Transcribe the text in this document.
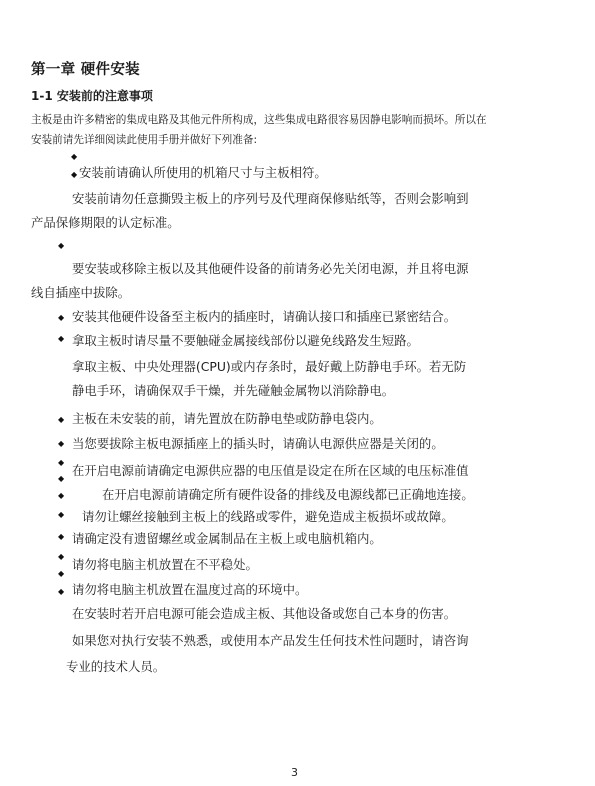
第一章 硬件安装
1-1 安装前的注意事项
主板是由许多精密的集成电路及其他元件所构成，这些集成电路很容易因静电影响而损坏。所以在
安装前请先详细阅读此使用手册并做好下列准备:
◆
◆
◆
◆
◆
◆
◆
◆
◆
◆
◆
◆
◆
◆
◆
安装前请确认所使用的机箱尺寸与主板相符。
安装前请勿任意撕毁主板上的序列号及代理商保修贴纸等，否则会影响到
产品保修期限的认定标准。
要安装或移除主板以及其他硬件设备的前请务必先关闭电源，并且将电源
线自插座中拔除。
安装其他硬件设备至主板内的插座时，请确认接口和插座已紧密结合。
拿取主板时请尽量不要触碰金属接线部份以避免线路发生短路。
拿取主板、中央处理器(CPU)或内存条时，最好戴上防静电手环。若无防
静电手环，请确保双手干燥，并先碰触金属物以消除静电。
主板在未安装的前，请先置放在防静电垫或防静电袋内。
当您要拔除主板电源插座上的插头时，请确认电源供应器是关闭的。
在开启电源前请确定电源供应器的电压值是设定在所在区域的电压标准值
在开启电源前请确定所有硬件设备的排线及电源线都已正确地连接。
请勿让螺丝接触到主板上的线路或零件，避免造成主板损坏或故障。
请确定没有遗留螺丝或金属制品在主板上或电脑机箱内。
请勿将电脑主机放置在不平稳处。
请勿将电脑主机放置在温度过高的环境中。
在安装时若开启电源可能会造成主板、其他设备或您自己本身的伤害。
如果您对执行安装不熟悉，或使用本产品发生任何技术性问题时，请咨询
专业的技术人员。
3
